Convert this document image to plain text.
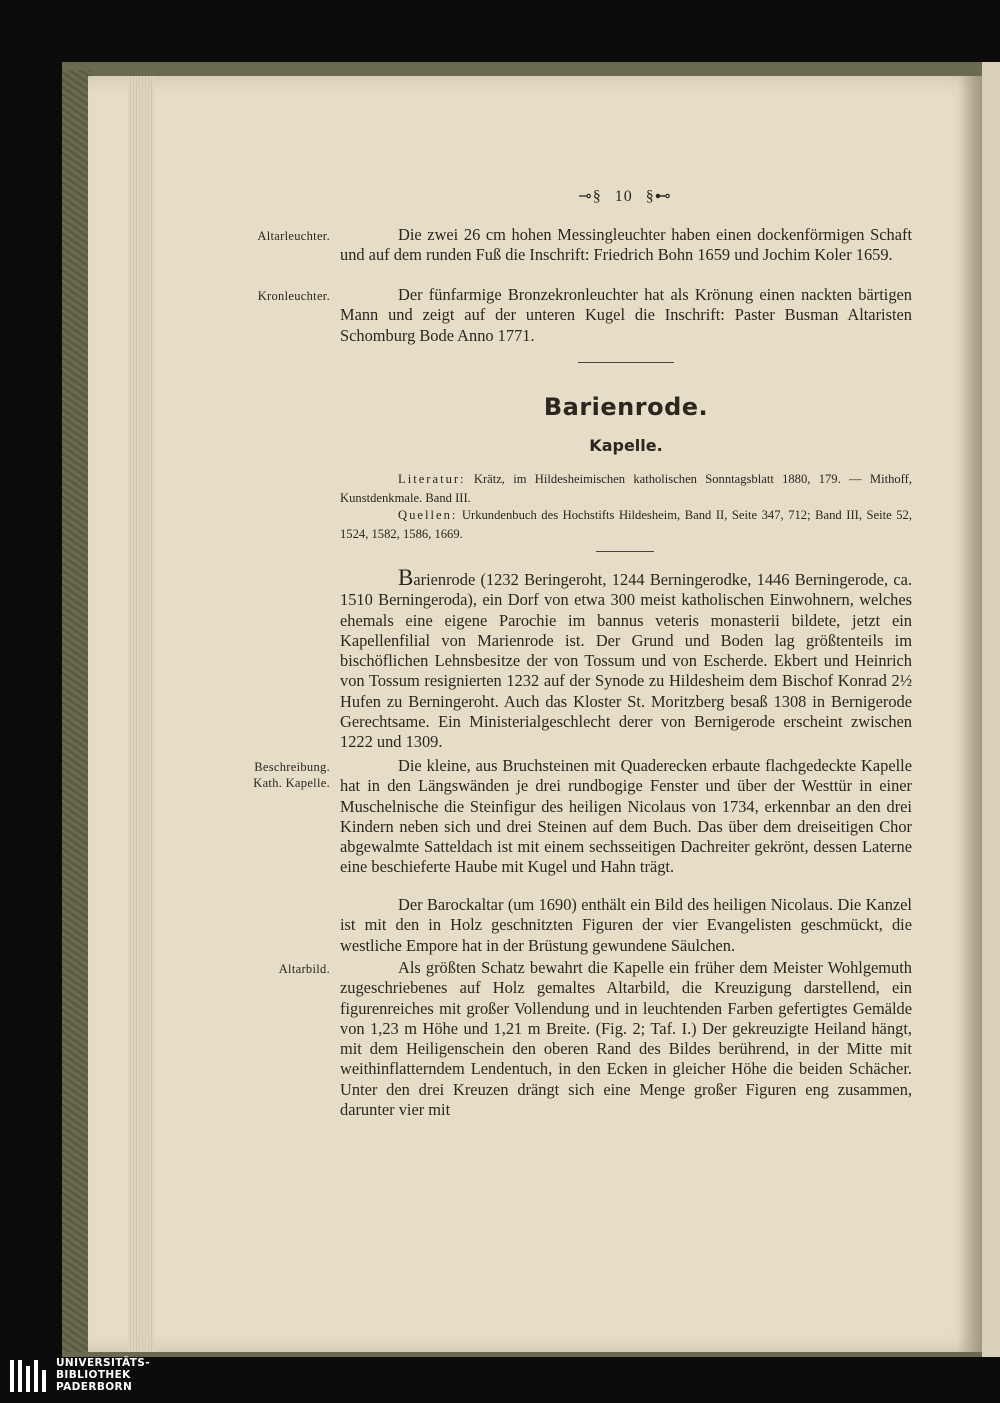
⊸§ 10 §⊷
Altarleuchter.
Kronleuchter.
Beschreibung.
Kath. Kapelle.
Altarbild.
Die zwei 26 cm hohen Messingleuchter haben einen dockenförmigen Schaft und auf dem runden Fuß die Inschrift: Friedrich Bohn 1659 und Jochim Koler 1659.
Der fünfarmige Bronzekronleuchter hat als Krönung einen nackten bärtigen Mann und zeigt auf der unteren Kugel die Inschrift: Paster Busman Altaristen Schomburg Bode Anno 1771.
Barienrode.
Kapelle.
Literatur: Krätz, im Hildesheimischen katholischen Sonntagsblatt 1880, 179. — Mithoff, Kunstdenkmale. Band III.
Quellen: Urkundenbuch des Hochstifts Hildesheim, Band II, Seite 347, 712; Band III, Seite 52, 1524, 1582, 1586, 1669.
Barienrode (1232 Beringeroht, 1244 Berningerodke, 1446 Berningerode, ca. 1510 Berningeroda), ein Dorf von etwa 300 meist katholischen Einwohnern, welches ehemals eine eigene Parochie im bannus veteris monasterii bildete, jetzt ein Kapellenfilial von Marienrode ist. Der Grund und Boden lag größtenteils im bischöflichen Lehnsbesitze der von Tossum und von Escherde. Ekbert und Heinrich von Tossum resignierten 1232 auf der Synode zu Hildesheim dem Bischof Konrad 2½ Hufen zu Berningeroht. Auch das Kloster St. Moritzberg besaß 1308 in Bernigerode Gerechtsame. Ein Ministerialgeschlecht derer von Bernigerode erscheint zwischen 1222 und 1309.
Die kleine, aus Bruchsteinen mit Quaderecken erbaute flachgedeckte Kapelle hat in den Längswänden je drei rundbogige Fenster und über der Westtür in einer Muschelnische die Steinfigur des heiligen Nicolaus von 1734, erkennbar an den drei Kindern neben sich und drei Steinen auf dem Buch. Das über dem dreiseitigen Chor abgewalmte Satteldach ist mit einem sechsseitigen Dachreiter gekrönt, dessen Laterne eine beschieferte Haube mit Kugel und Hahn trägt.
Der Barockaltar (um 1690) enthält ein Bild des heiligen Nicolaus. Die Kanzel ist mit den in Holz geschnitzten Figuren der vier Evangelisten geschmückt, die westliche Empore hat in der Brüstung gewundene Säulchen.
Als größten Schatz bewahrt die Kapelle ein früher dem Meister Wohlgemuth zugeschriebenes auf Holz gemaltes Altarbild, die Kreuzigung darstellend, ein figurenreiches mit großer Vollendung und in leuchtenden Farben gefertigtes Gemälde von 1,23 m Höhe und 1,21 m Breite. (Fig. 2; Taf. I.) Der gekreuzigte Heiland hängt, mit dem Heiligenschein den oberen Rand des Bildes berührend, in der Mitte mit weithinflatterndem Lendentuch, in den Ecken in gleicher Höhe die beiden Schächer. Unter den drei Kreuzen drängt sich eine Menge großer Figuren eng zusammen, darunter vier mit
UNIVERSITÄTS-
BIBLIOTHEK
PADERBORN
